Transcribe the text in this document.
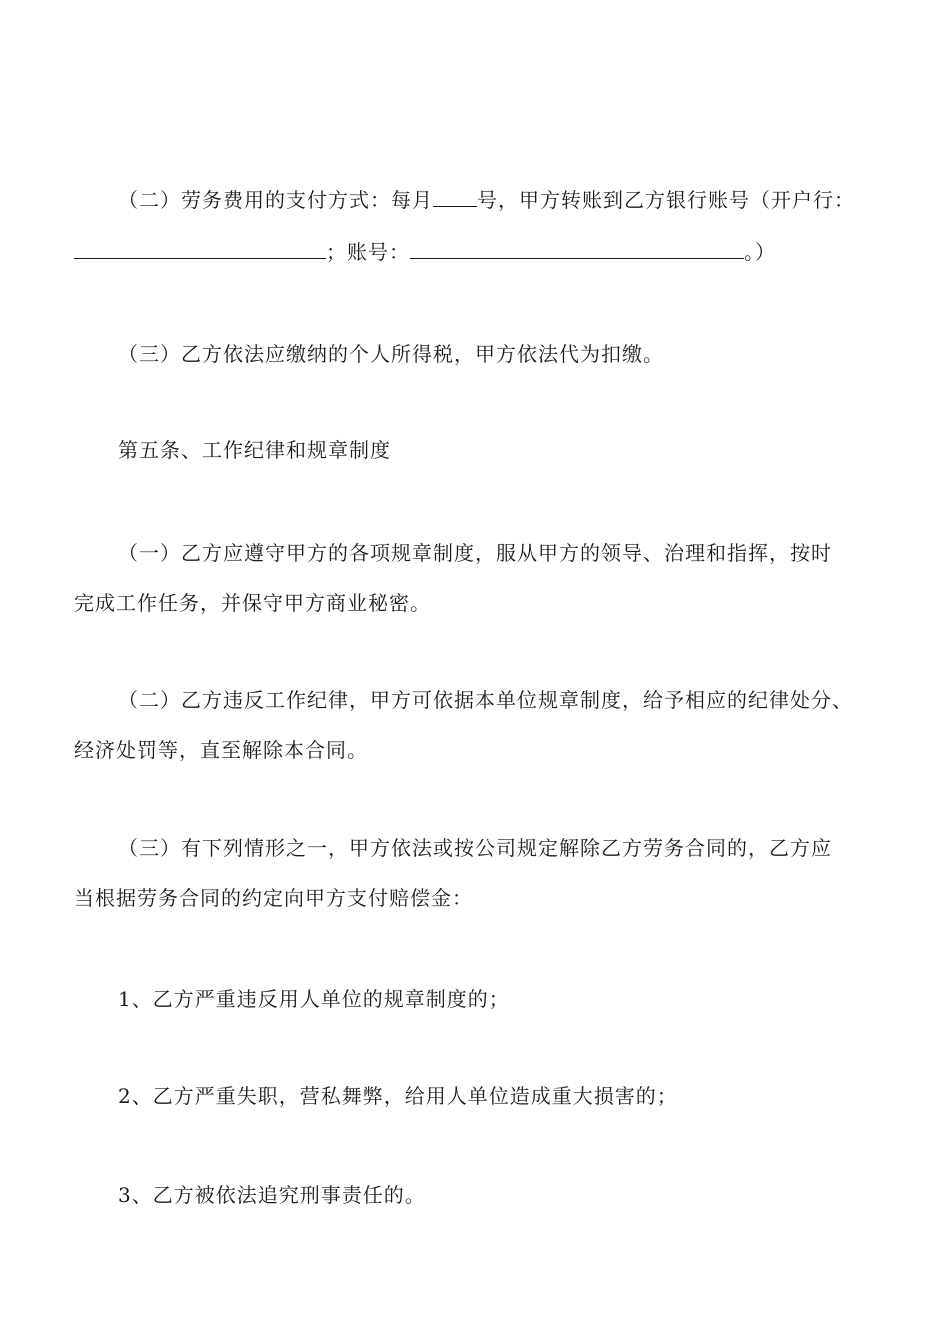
（二）劳务费用的支付方式：每月 号，甲方转账到乙方银行账号（开户行：
；账号：	。）
（三）乙方依法应缴纳的个人所得税，甲方依法代为扣缴。
第五条、工作纪律和规章制度
（一）乙方应遵守甲方的各项规章制度，服从甲方的领导、治理和指挥，按时
完成工作任务，并保守甲方商业秘密。
（二）乙方违反工作纪律，甲方可依据本单位规章制度，给予相应的纪律处分、
经济处罚等，直至解除本合同。
（三）有下列情形之一，甲方依法或按公司规定解除乙方劳务合同的，乙方应
当根据劳务合同的约定向甲方支付赔偿金：
1、乙方严重违反用人单位的规章制度的；
2、乙方严重失职，营私舞弊，给用人单位造成重大损害的；
3、乙方被依法追究刑事责任的。
